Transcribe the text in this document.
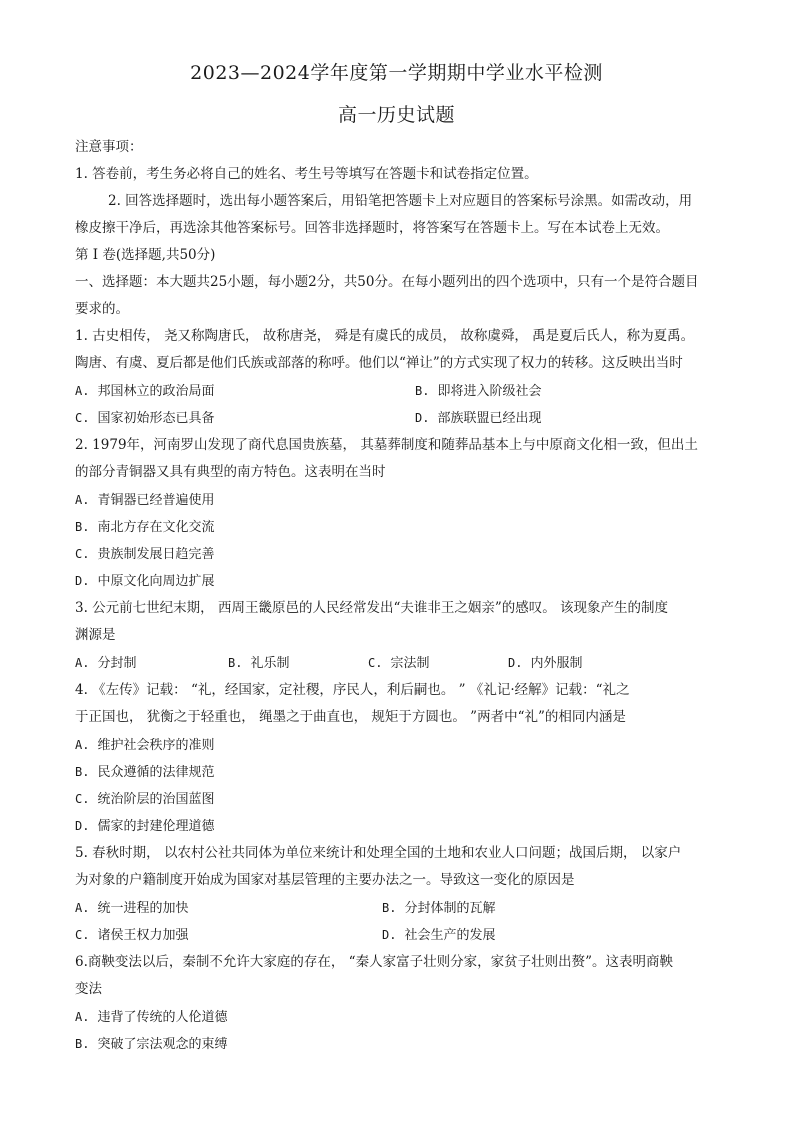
2023—2024学年度第一学期期中学业水平检测
高一历史试题
注意事项：
1. 答卷前，考生务必将自己的姓名、考生号等填写在答题卡和试卷指定位置。
2. 回答选择题时，选出每小题答案后，用铅笔把答题卡上对应题目的答案标号涂黑。如需改动，用
橡皮擦干净后，再选涂其他答案标号。回答非选择题时，将答案写在答题卡上。写在本试卷上无效。
第 Ⅰ 卷(选择题,共50分)
一、选择题：本大题共25小题，每小题2分，共50分。在每小题列出的四个选项中，只有一个是符合题目
要求的。
1. 古史相传， 尧又称陶唐氏， 故称唐尧， 舜是有虞氏的成员， 故称虞舜， 禹是夏后氏人，称为夏禹。
陶唐、有虞、夏后都是他们氏族或部落的称呼。他们以“禅让”的方式实现了权力的转移。这反映出当时
A. 邦国林立的政治局面	B. 即将进入阶级社会
C. 国家初始形态已具备	D. 部族联盟已经出现
2. 1979年，河南罗山发现了商代息国贵族墓， 其墓葬制度和随葬品基本上与中原商文化相一致，但出土
的部分青铜器又具有典型的南方特色。这表明在当时
A. 青铜器已经普遍使用
B. 南北方存在文化交流
C. 贵族制发展日趋完善
D. 中原文化向周边扩展
3. 公元前七世纪末期， 西周王畿原邑的人民经常发出“夫谁非王之姻亲”的感叹。 该现象产生的制度
渊源是
A. 分封制	B. 礼乐制	C. 宗法制	D. 内外服制
4. 《左传》记载： “礼，经国家，定社稷，序民人，利后嗣也。 ” 《礼记·经解》记载：“礼之
于正国也， 犹衡之于轻重也， 绳墨之于曲直也， 规矩于方圆也。 ”两者中“礼”的相同内涵是
A. 维护社会秩序的准则
B. 民众遵循的法律规范
C. 统治阶层的治国蓝图
D. 儒家的封建伦理道德
5. 春秋时期， 以农村公社共同体为单位来统计和处理全国的土地和农业人口问题；战国后期， 以家户
为对象的户籍制度开始成为国家对基层管理的主要办法之一。导致这一变化的原因是
A. 统一进程的加快	B. 分封体制的瓦解
C. 诸侯王权力加强	D. 社会生产的发展
6.商鞅变法以后，秦制不允许大家庭的存在， “秦人家富子壮则分家，家贫子壮则出赘”。这表明商鞅
变法
A. 违背了传统的人伦道德
B. 突破了宗法观念的束缚
